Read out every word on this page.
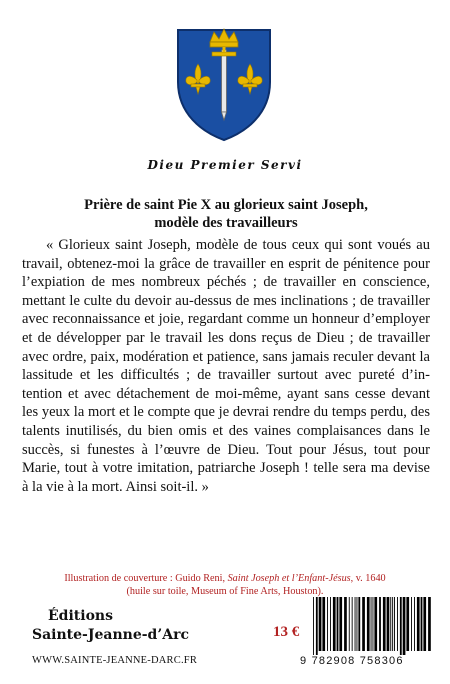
Dieu Premier Servi
Prière de saint Pie X au glorieux saint Joseph,
modèle des travailleurs

« Glorieux saint Joseph, modèle de tous ceux qui sont voués au travail, obtenez-moi la grâce de travailler en esprit de pénitence pour l’expiation de mes nombreux péchés ; de travailler en conscience, mettant le culte du devoir au-dessus de mes inclinations ; de travailler avec reconnaissance et joie, regardant comme un honneur d’employer et de développer par le travail les dons reçus de Dieu ; de travailler avec ordre, paix, modération et patience, sans jamais reculer devant la lassitude et les difficultés ; de travailler surtout avec pureté d’in-tention et avec détachement de moi-même, ayant sans cesse devant les yeux la mort et le compte que je devrai rendre du temps perdu, des talents inutilisés, du bien omis et des vaines complaisances dans le succès, si funestes à l’œuvre de Dieu. Tout pour Jésus, tout pour Marie, tout à votre imitation, patriarche Joseph ! telle sera ma devise à la vie à la mort. Ainsi soit-il. »

Illustration de couverture : Guido Reni, Saint Joseph et l’Enfant-Jésus, v. 1640
(huile sur toile, Museum of Fine Arts, Houston).
Éditions
Sainte-Jeanne-d’Arc	13 €
WWW.SAINTE-JEANNE-DARC.FR	9 782908 758306
